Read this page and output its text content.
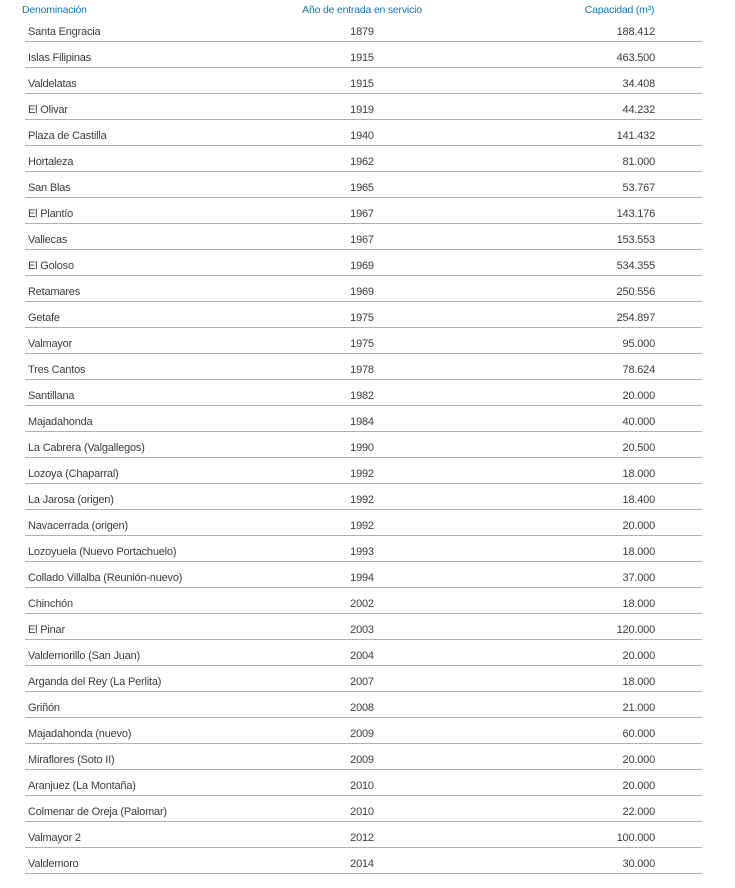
Denominación	Año de entrada en servicio	Capacidad (m³)
Santa Engracia	1879	188.412
Islas Filipinas	1915	463.500
Valdelatas	1915	34.408
El Olivar	1919	44.232
Plaza de Castilla	1940	141.432
Hortaleza	1962	81.000
San Blas	1965	53.767
El Plantío	1967	143.176
Vallecas	1967	153.553
El Goloso	1969	534.355
Retamares	1969	250.556
Getafe	1975	254.897
Valmayor	1975	95.000
Tres Cantos	1978	78.624
Santillana	1982	20.000
Majadahonda	1984	40.000
La Cabrera (Valgallegos)	1990	20.500
Lozoya (Chaparral)	1992	18.000
La Jarosa (origen)	1992	18.400
Navacerrada (origen)	1992	20.000
Lozoyuela (Nuevo Portachuelo)	1993	18.000
Collado Villalba (Reunión-nuevo)	1994	37.000
Chinchón	2002	18.000
El Pinar	2003	120.000
Valdemorillo (San Juan)	2004	20.000
Arganda del Rey (La Perlita)	2007	18.000
Griñón	2008	21.000
Majadahonda (nuevo)	2009	60.000
Miraflores (Soto II)	2009	20.000
Aranjuez (La Montaña)	2010	20.000
Colmenar de Oreja (Palomar)	2010	22.000
Valmayor 2	2012	100.000
Valdemoro	2014	30.000
